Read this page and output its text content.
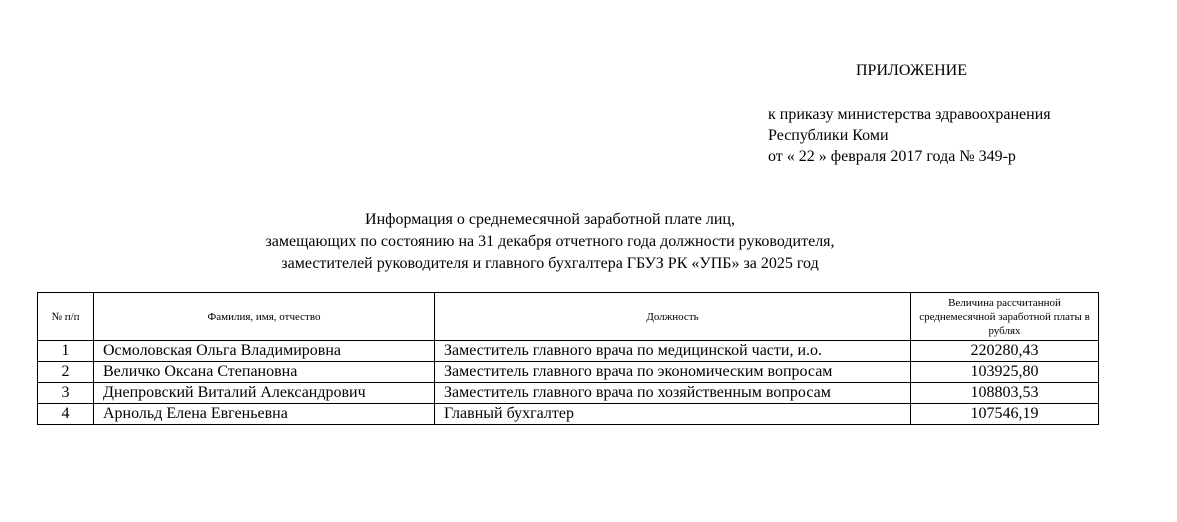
ПРИЛОЖЕНИЕ
к приказу министерства здравоохранения
Республики Коми
от « 22 » февраля 2017 года № 349-р
Информация о среднемесячной заработной плате лиц,
замещающих по состоянию на 31 декабря отчетного года должности руководителя,
заместителей руководителя и главного бухгалтера ГБУЗ РК «УПБ» за 2025 год
№ п/п	Фамилия, имя, отчество	Должность	Величина рассчитанной среднемесячной заработной платы в рублях
1	Осмоловская Ольга Владимировна	Заместитель главного врача по медицинской части, и.о.	220280,43
2	Величко Оксана Степановна	Заместитель главного врача по экономическим вопросам	103925,80
3	Днепровский Виталий Александрович	Заместитель главного врача по хозяйственным вопросам	108803,53
4	Арнольд Елена Евгеньевна	Главный бухгалтер	107546,19
